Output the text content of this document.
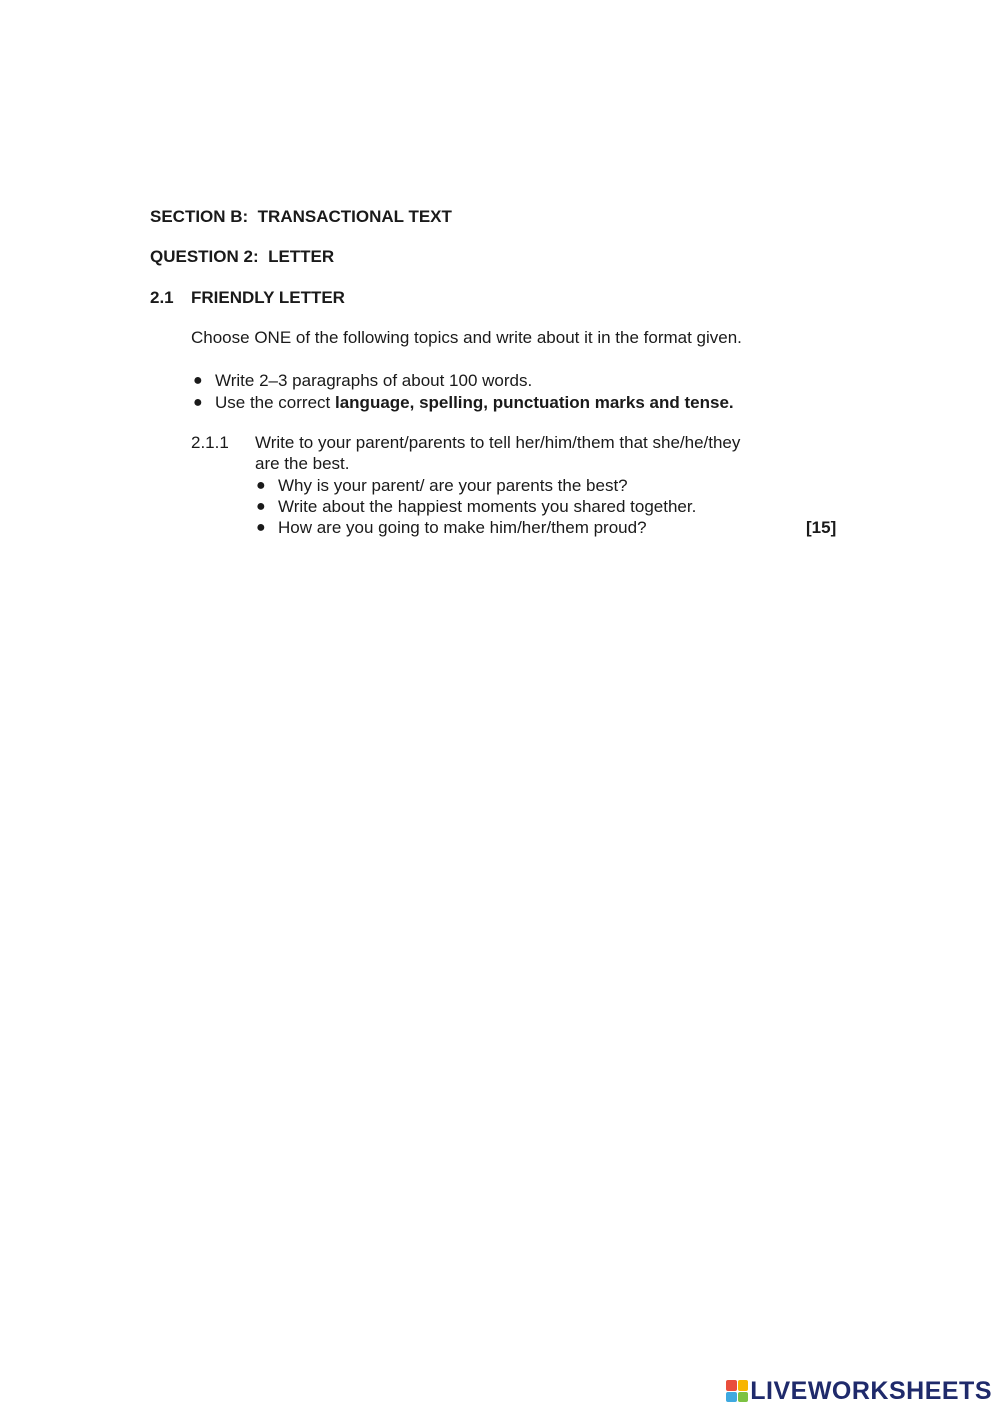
SECTION B:  TRANSACTIONAL TEXT
QUESTION 2:  LETTER
2.1 FRIENDLY LETTER
Choose ONE of the following topics and write about it in the format given.
● Write 2–3 paragraphs of about 100 words.
● Use the correct language, spelling, punctuation marks and tense.
2.1.1 Write to your parent/parents to tell her/him/them that she/he/they
are the best.
● Why is your parent/ are your parents the best?
● Write about the happiest moments you shared together.
● How are you going to make him/her/them proud?	[15]
LIVEWORKSHEETS
